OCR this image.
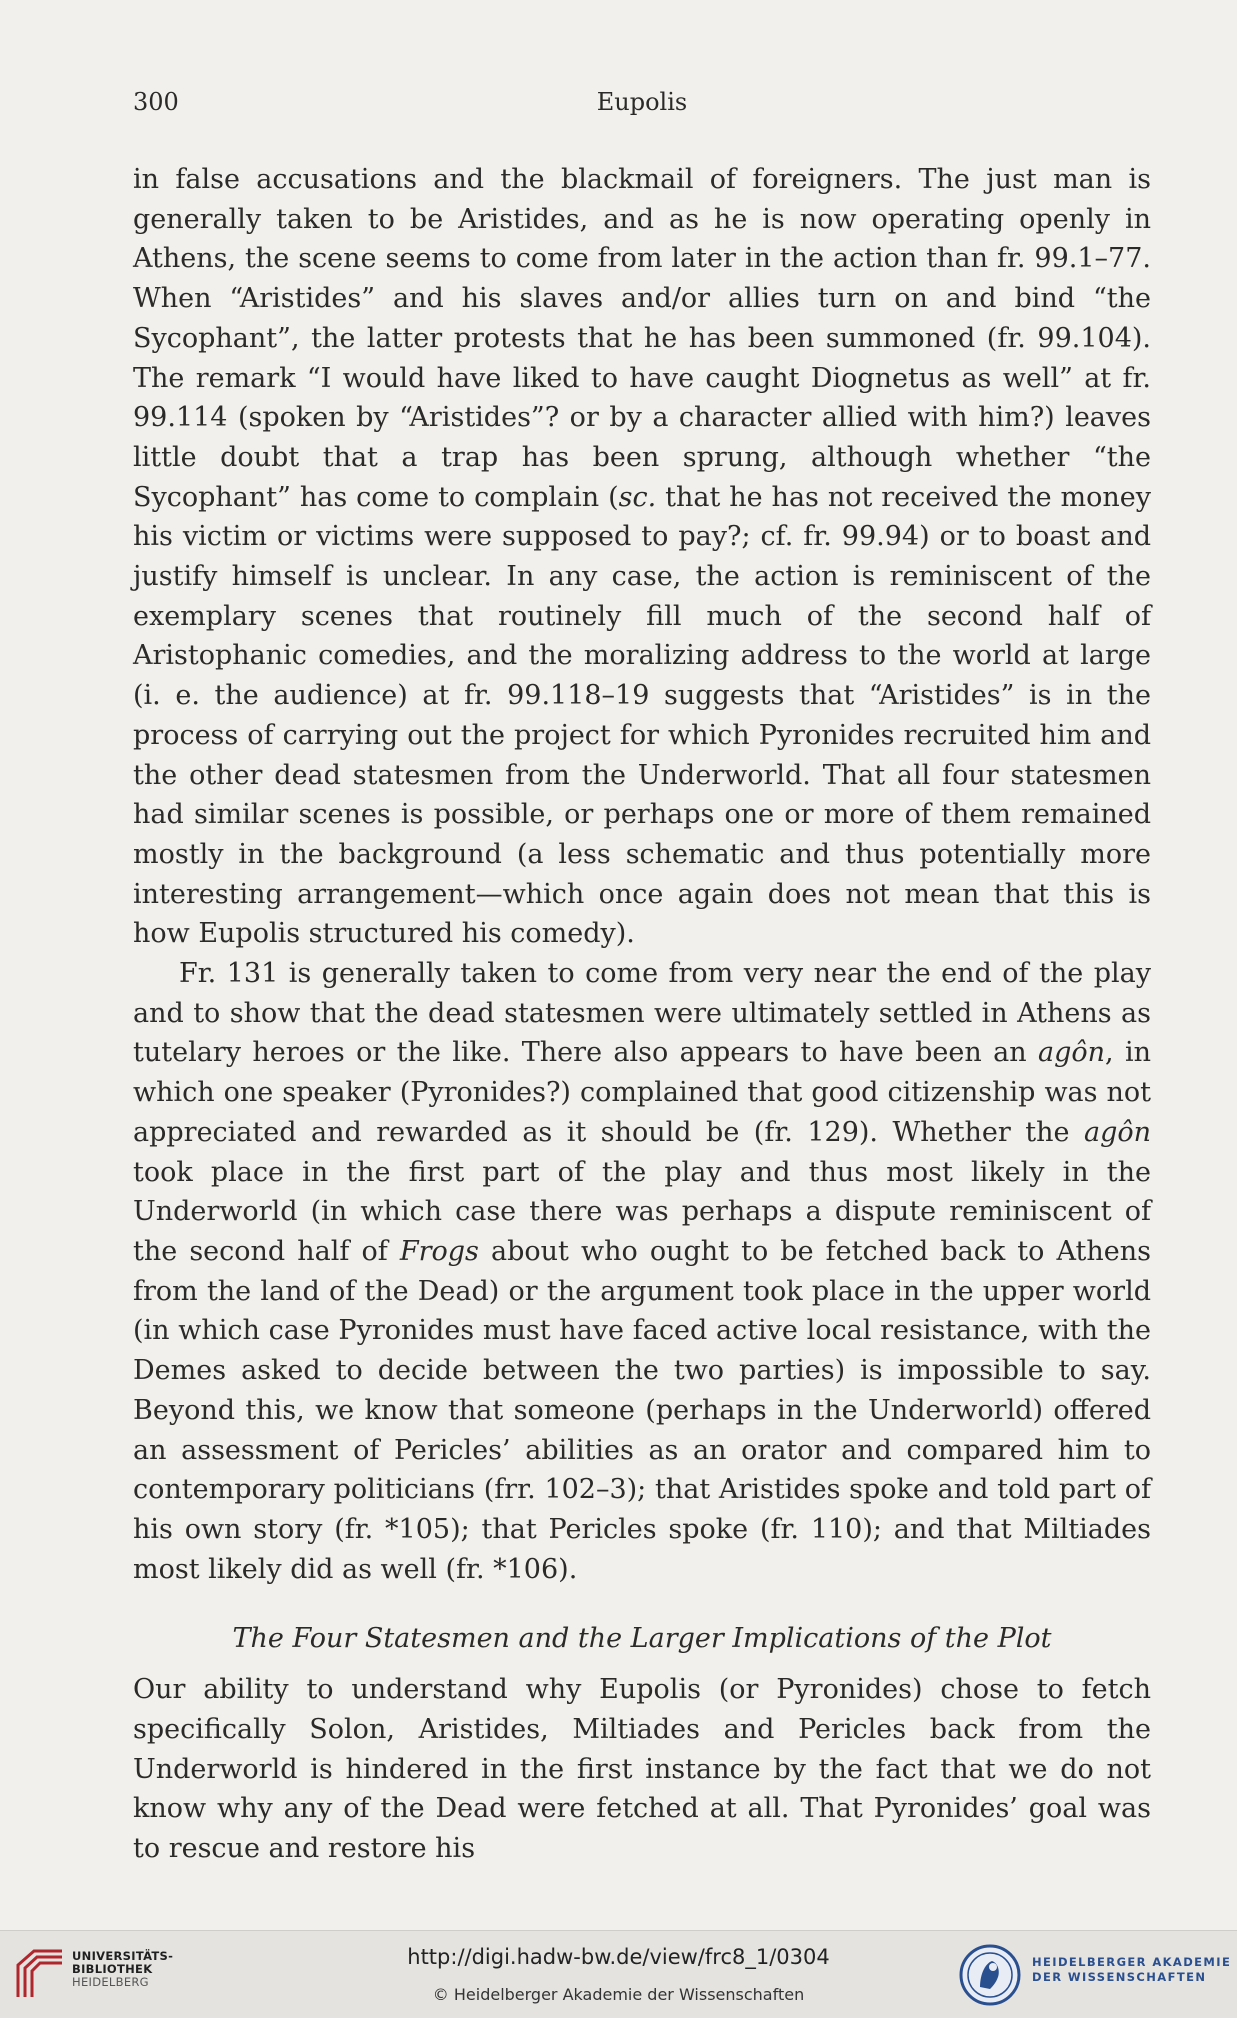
300	Eupolis

in false accusations and the blackmail of foreigners. The just man is generally taken to be Aristides, and as he is now operating openly in Athens, the scene seems to come from later in the action than fr. 99.1–77. When “Aristides” and his slaves and/or allies turn on and bind “the Sycophant”, the latter protests that he has been summoned (fr. 99.104). The remark “I would have liked to have caught Diognetus as well” at fr. 99.114 (spoken by “Aristides”? or by a character allied with him?) leaves little doubt that a trap has been sprung, although whether “the Sycophant” has come to complain (sc. that he has not received the money his victim or victims were supposed to pay?; cf. fr. 99.94) or to boast and justify himself is unclear. In any case, the action is reminiscent of the exemplary scenes that routinely fill much of the second half of Aristophanic comedies, and the moralizing address to the world at large (i. e. the audience) at fr. 99.118–19 suggests that “Aristides” is in the process of carrying out the project for which Pyronides recruited him and the other dead statesmen from the Underworld. That all four statesmen had similar scenes is possible, or perhaps one or more of them remained mostly in the background (a less schematic and thus potentially more interesting arrangement—which once again does not mean that this is how Eupolis structured his comedy).

Fr. 131 is generally taken to come from very near the end of the play and to show that the dead statesmen were ultimately settled in Athens as tutelary heroes or the like. There also appears to have been an agôn, in which one speaker (Pyronides?) complained that good citizenship was not appreciated and rewarded as it should be (fr. 129). Whether the agôn took place in the first part of the play and thus most likely in the Underworld (in which case there was perhaps a dispute reminiscent of the second half of Frogs about who ought to be fetched back to Athens from the land of the Dead) or the argument took place in the upper world (in which case Pyronides must have faced active local resistance, with the Demes asked to decide between the two parties) is impossible to say. Beyond this, we know that someone (perhaps in the Underworld) offered an assessment of Pericles’ abilities as an orator and compared him to contemporary politicians (frr. 102–3); that Aristides spoke and told part of his own story (fr. *105); that Pericles spoke (fr. 110); and that Miltiades most likely did as well (fr. *106).

The Four Statesmen and the Larger Implications of the Plot

Our ability to understand why Eupolis (or Pyronides) chose to fetch specifically Solon, Aristides, Miltiades and Pericles back from the Underworld is hindered in the first instance by the fact that we do not know why any of the Dead were fetched at all. That Pyronides’ goal was to rescue and restore his

UNIVERSITÄTS-
BIBLIOTHEK
HEIDELBERG
http://digi.hadw-bw.de/view/frc8_1/0304
© Heidelberger Akademie der Wissenschaften
HEIDELBERGER AKADEMIE
DER WISSENSCHAFTEN
